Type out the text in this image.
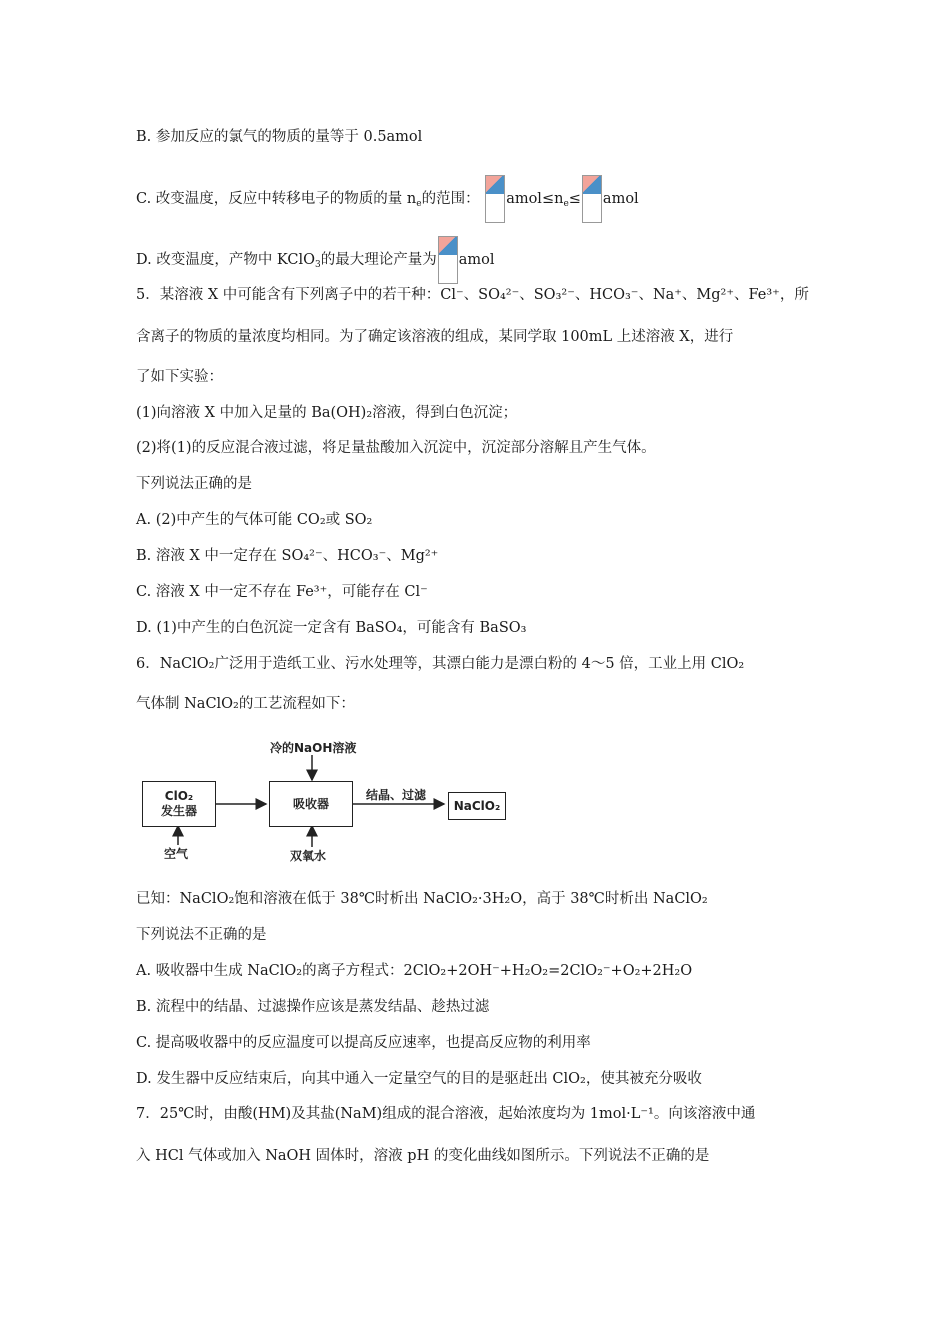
B. 参加反应的氯气的物质的量等于 0.5amol
C. 改变温度，反应中转移电子的物质的量 $n_e$的范围： $amol\le n_e\le$ amol
D. 改变温度，产物中 KClO$_3$的最大理论产量为 amol
5．某溶液 X 中可能含有下列离子中的若干种：Cl⁻、SO₄²⁻、SO₃²⁻、HCO₃⁻、Na⁺、Mg²⁺、Fe³⁺，所
含离子的物质的量浓度均相同。为了确定该溶液的组成，某同学取 100mL 上述溶液 X，进行
了如下实验：
(1)向溶液 X 中加入足量的 Ba(OH)₂溶液，得到白色沉淀；
(2)将(1)的反应混合液过滤，将足量盐酸加入沉淀中，沉淀部分溶解且产生气体。
下列说法正确的是
A. (2)中产生的气体可能 CO₂或 SO₂
B. 溶液 X 中一定存在 SO₄²⁻、HCO₃⁻、Mg²⁺
C. 溶液 X 中一定不存在 Fe³⁺，可能存在 Cl⁻
D. (1)中产生的白色沉淀一定含有 BaSO₄，可能含有 BaSO₃
6．NaClO₂广泛用于造纸工业、污水处理等，其漂白能力是漂白粉的 4～5 倍，工业上用 ClO₂
气体制 NaClO₂的工艺流程如下：
冷的NaOH溶液
ClO₂
发生器
吸收器
结晶、过滤
NaClO₂
空气	双氧水
已知：NaClO₂饱和溶液在低于 38℃时析出 NaClO₂·3H₂O，高于 38℃时析出 NaClO₂
下列说法不正确的是
A. 吸收器中生成 NaClO₂的离子方程式：2ClO₂+2OH⁻+H₂O₂=2ClO₂⁻+O₂+2H₂O
B. 流程中的结晶、过滤操作应该是蒸发结晶、趁热过滤
C. 提高吸收器中的反应温度可以提高反应速率，也提高反应物的利用率
D. 发生器中反应结束后，向其中通入一定量空气的目的是驱赶出 ClO₂，使其被充分吸收
7．25℃时，由酸(HM)及其盐(NaM)组成的混合溶液，起始浓度均为 1mol·L⁻¹。向该溶液中通
入 HCl 气体或加入 NaOH 固体时，溶液 pH 的变化曲线如图所示。下列说法不正确的是
